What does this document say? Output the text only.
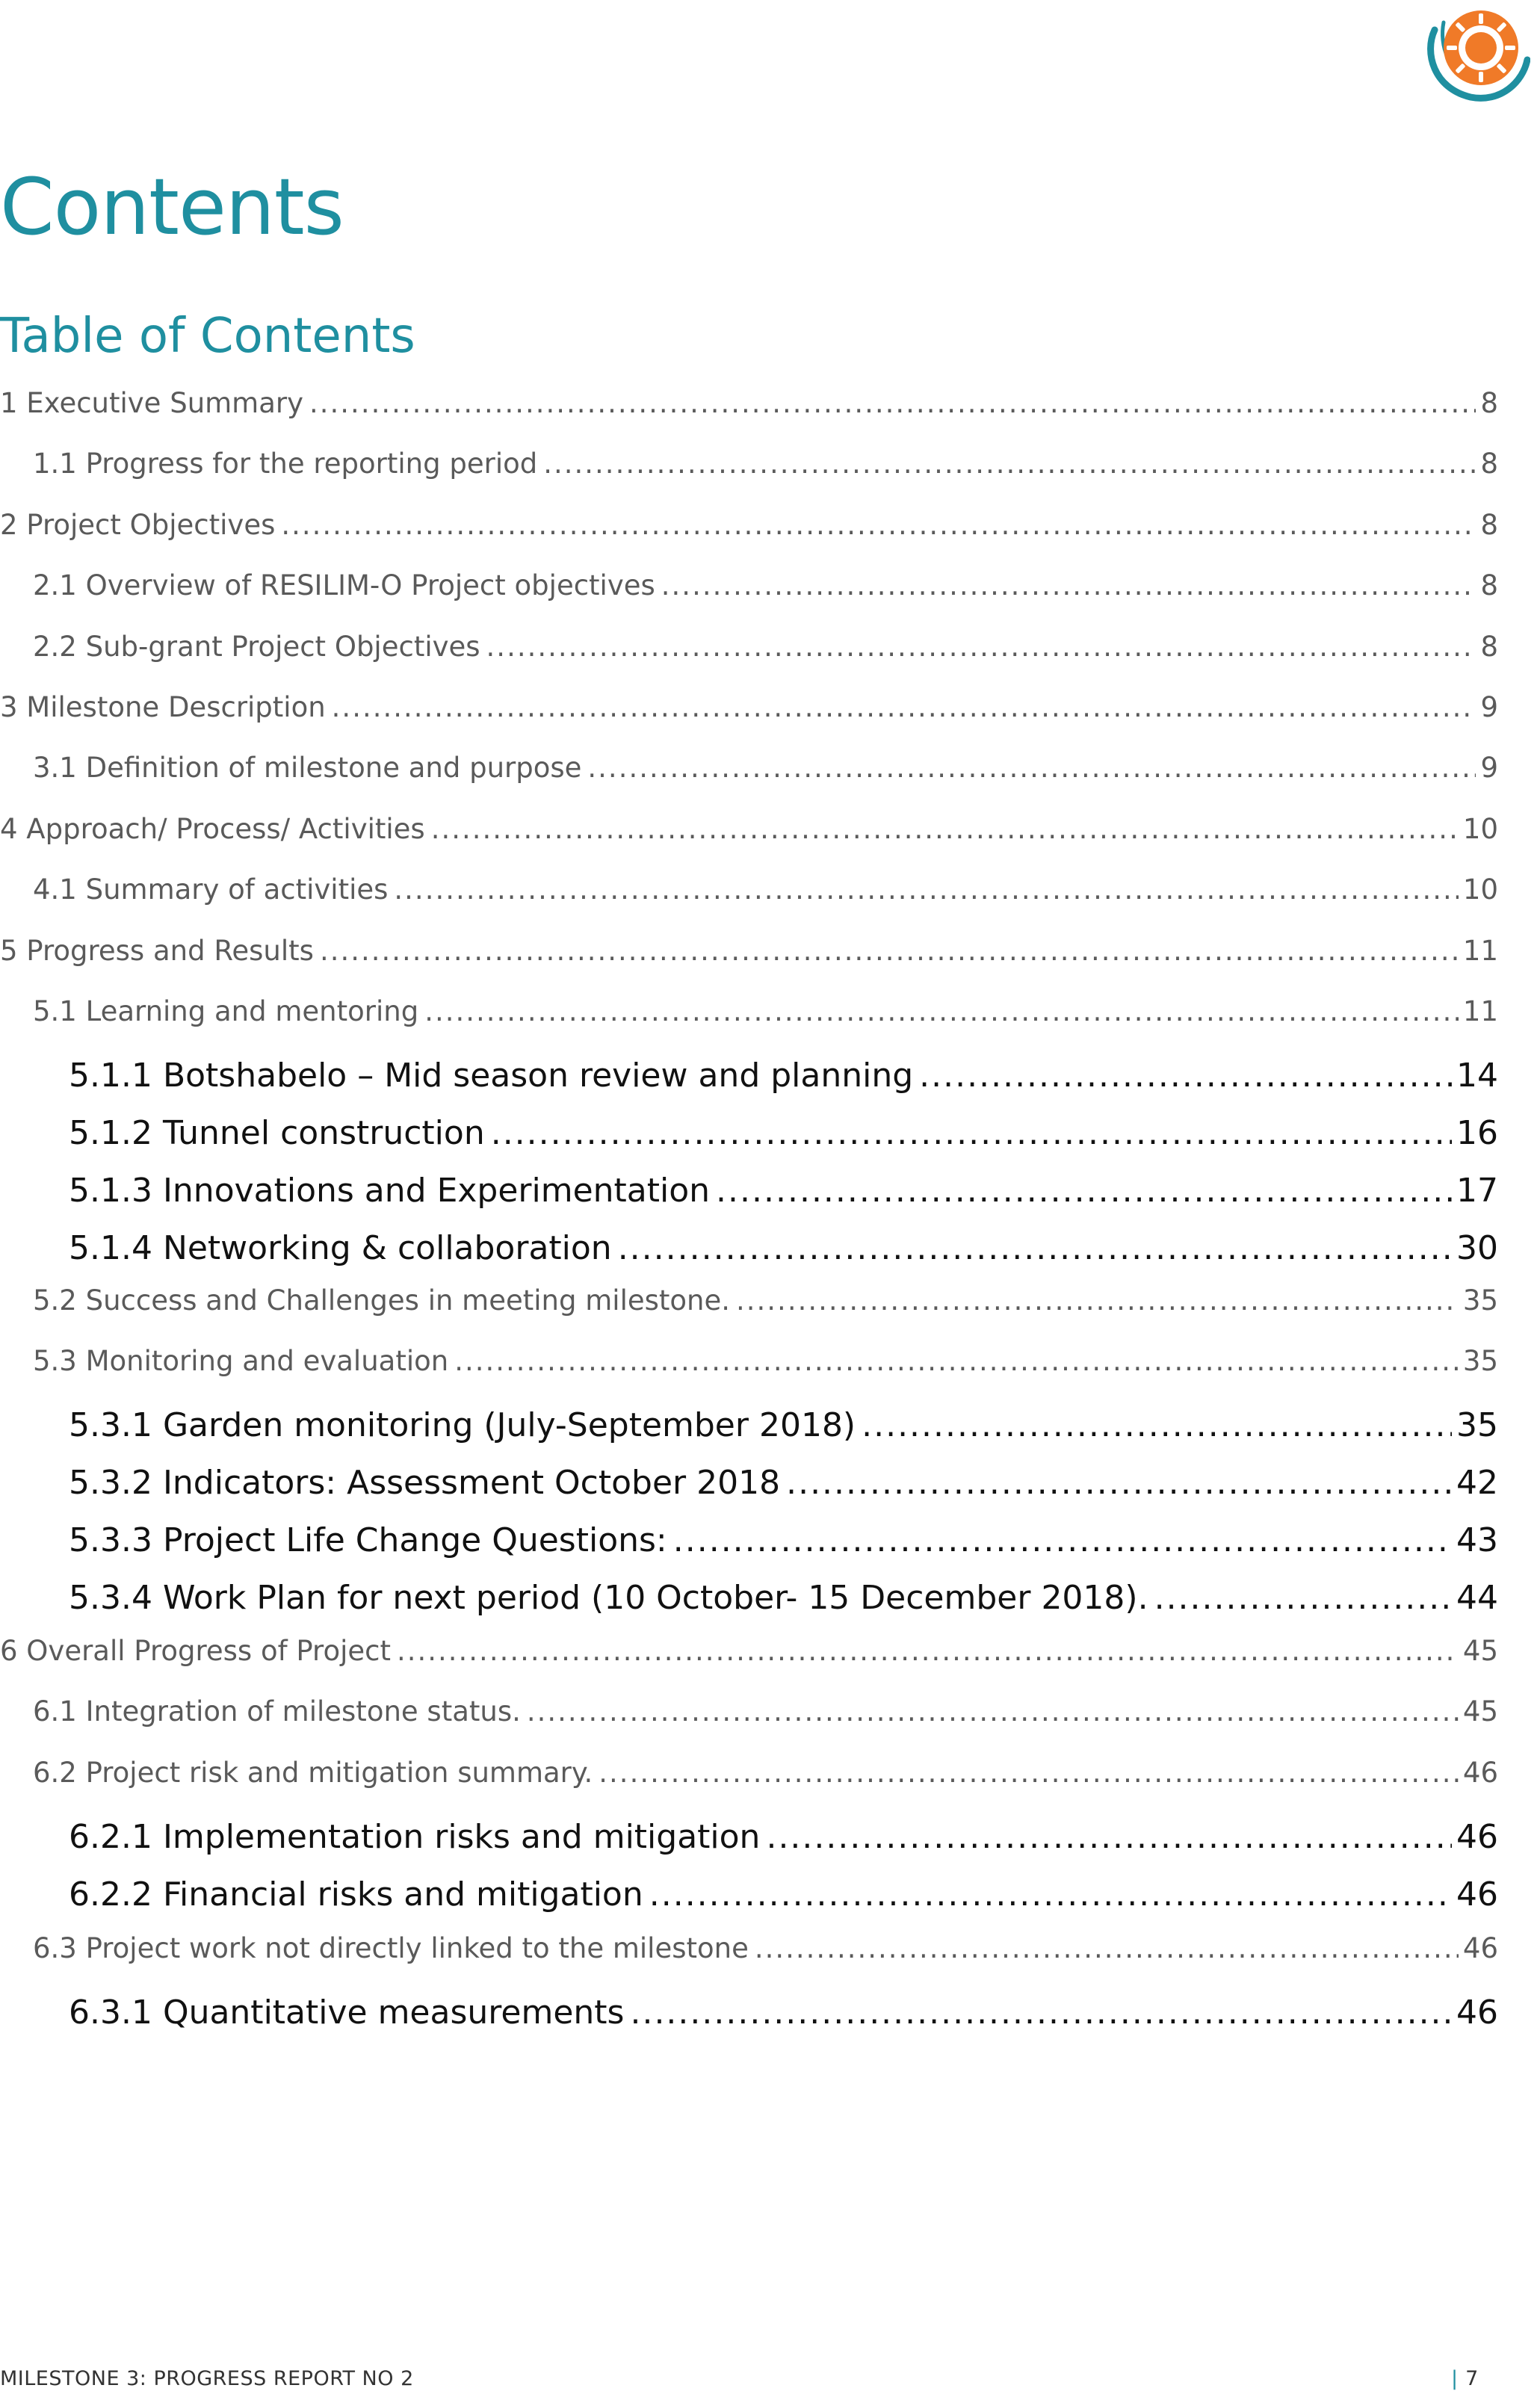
Contents
Table of Contents
1 Executive Summary .....	8
1.1 Progress for the reporting period .....	8
2 Project Objectives .....	8
2.1 Overview of RESILIM-O Project objectives .....	8
2.2 Sub-grant Project Objectives .....	8
3 Milestone Description .....	9
3.1 Definition of milestone and purpose .....	9
4 Approach/ Process/ Activities .....	10
4.1 Summary of activities .....	10
5 Progress and Results .....	11
5.1 Learning and mentoring .....	11
5.1.1 Botshabelo – Mid season review and planning .....	14
5.1.2 Tunnel construction .....	16
5.1.3 Innovations and Experimentation .....	17
5.1.4 Networking & collaboration .....	30
5.2 Success and Challenges in meeting milestone. .....	35
5.3 Monitoring and evaluation .....	35
5.3.1 Garden monitoring (July-September 2018) .....	35
5.3.2 Indicators: Assessment October 2018 .....	42
5.3.3 Project Life Change Questions: .....	43
5.3.4 Work Plan for next period (10 October- 15 December 2018). .....	44
6 Overall Progress of Project .....	45
6.1 Integration of milestone status. .....	45
6.2 Project risk and mitigation summary. .....	46
6.2.1 Implementation risks and mitigation .....	46
6.2.2 Financial risks and mitigation .....	46
6.3 Project work not directly linked to the milestone .....	46
6.3.1 Quantitative measurements .....	46
MILESTONE 3: PROGRESS REPORT NO 2	| 7
